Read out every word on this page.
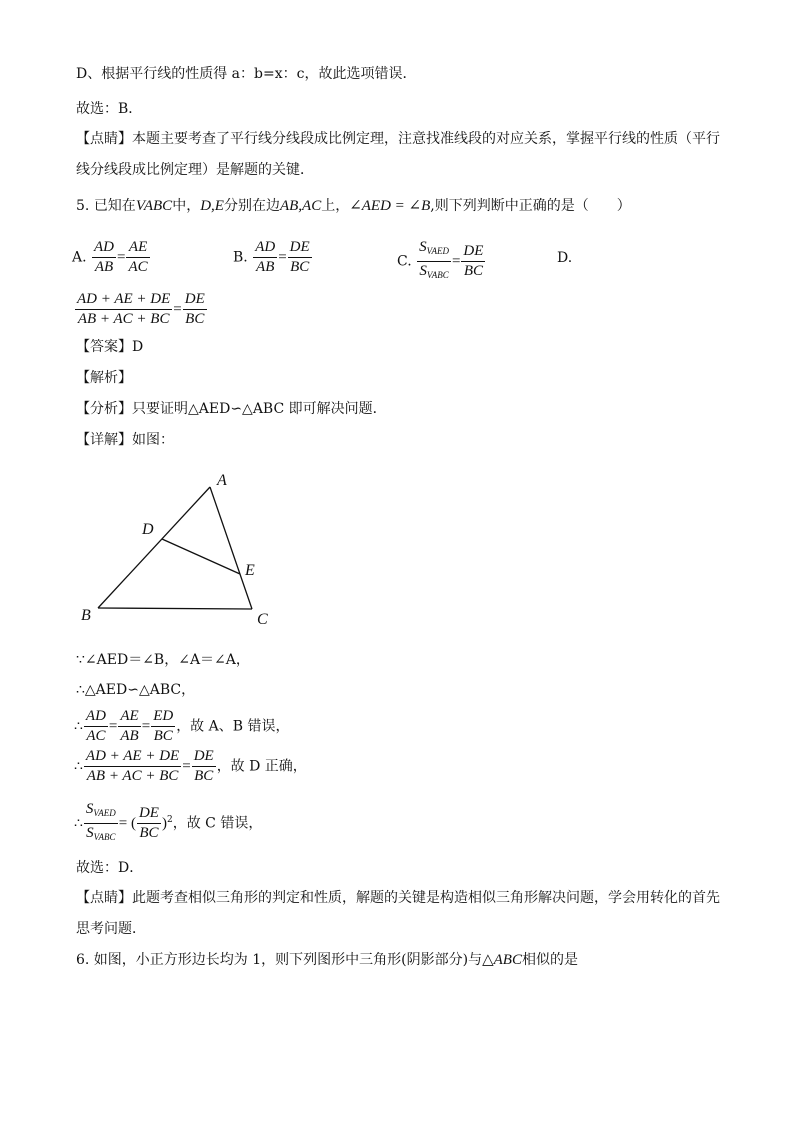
D、根据平行线的性质得 a：b=x：c，故此选项错误．
故选：B．
【点睛】本题主要考查了平行线分线段成比例定理，注意找准线段的对应关系，掌握平行线的性质（平行
线分线段成比例定理）是解题的关键．
5. 已知在VABC中，D,E分别在边AB,AC上，∠AED = ∠B,则下列判断中正确的是（　　）
A. $\frac{AD}{AB} = \frac{AE}{AC}$	B. $\frac{AD}{AB} = \frac{DE}{BC}$	C. $\frac{S_{VAED}}{S_{VABC}} = \frac{DE}{BC}$	D.
$\frac{AD + AE + DE}{AB + AC + BC} = \frac{DE}{BC}$
【答案】D
【解析】
【分析】只要证明△AED∽△ABC 即可解决问题．
【详解】如图：
A
B	C
D
E
∵∠AED＝∠B，∠A＝∠A，
∴△AED∽△ABC，
∴ $\frac{AD}{AC} = \frac{AE}{AB} = \frac{ED}{BC}$ ，故 A、B 错误，
∴ $\frac{AD + AE + DE}{AB + AC + BC} = \frac{DE}{BC}$ ，故 D 正确，
∴ $\frac{S_{VAED}}{S_{VABC}}$ = ( $\frac{DE}{BC} )^2$，故 C 错误，
故选：D．
【点睛】此题考查相似三角形的判定和性质，解题的关键是构造相似三角形解决问题，学会用转化的首先
思考问题．
6. 如图，小正方形边长均为 1，则下列图形中三角形(阴影部分)与△ABC相似的是
